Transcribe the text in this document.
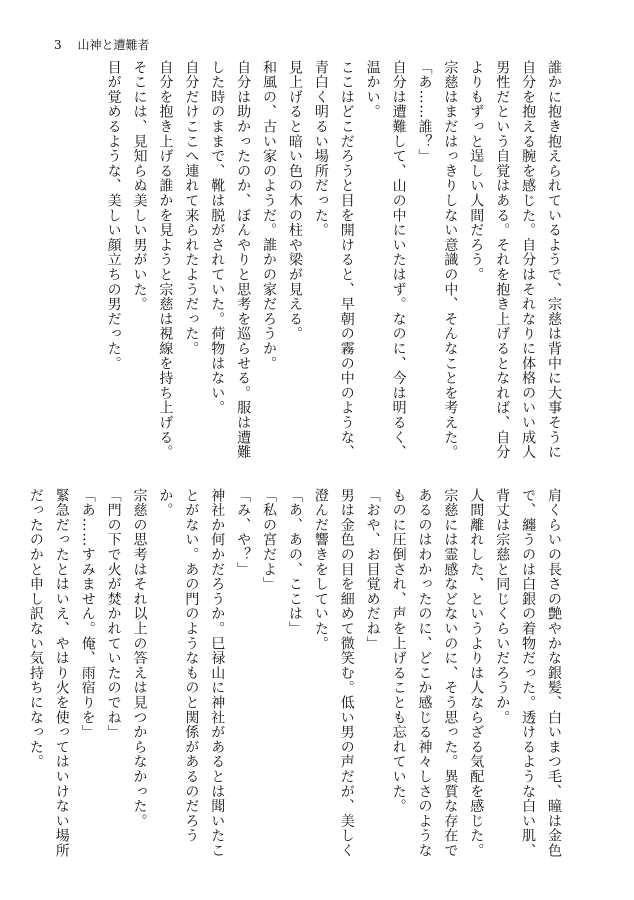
3 山神と遭難者

誰かに抱き抱えられているようで、宗慈は背中に大事そうに自分を抱える腕を感じた。自分はそれなりに体格のいい成人男性だという自覚はある。それを抱き上げるとなれば、自分よりもずっと逞しい人間だろう。

宗慈はまだはっきりしない意識の中、そんなことを考えた。

「あ……誰？」

自分は遭難して、山の中にいたはず。なのに、今は明るく、温かい。

ここはどこだろうと目を開けると、早朝の霧の中のような、青白く明るい場所だった。

見上げると暗い色の木の柱や梁が見える。

和風の、古い家のようだ。誰かの家だろうか。

自分は助かったのか、ぼんやりと思考を巡らせる。服は遭難した時のままで、靴は脱がされていた。荷物はない。

自分だけここへ連れて来られたようだった。

自分を抱き上げる誰かを見ようと宗慈は視線を持ち上げる。

そこには、見知らぬ美しい男がいた。

目が覚めるような、美しい顔立ちの男だった。

肩くらいの長さの艶やかな銀髪、白いまつ毛、瞳は金色で、纏うのは白銀の着物だった。透けるような白い肌、背丈は宗慈と同じくらいだろうか。

人間離れした、というよりは人ならざる気配を感じた。

宗慈には霊感などないのに、そう思った。異質な存在であるのはわかったのに、どこか感じる神々しさのようなものに圧倒され、声を上げることも忘れていた。

「おや、お目覚めだね」

男は金色の目を細めて微笑む。低い男の声だが、美しく澄んだ響きをしていた。

「あ、あの、ここは」

「私の宮だよ」

「み、や？」

神社か何かだろうか。巳禄山に神社があるとは聞いたことがない。あの門のようなものと関係があるのだろうか。

宗慈の思考はそれ以上の答えは見つからなかった。

「門の下で火が焚かれていたのでね」

「あ……すみません。俺、雨宿りを」

緊急だったとはいえ、やはり火を使ってはいけない場所だったのかと申し訳ない気持ちになった。
